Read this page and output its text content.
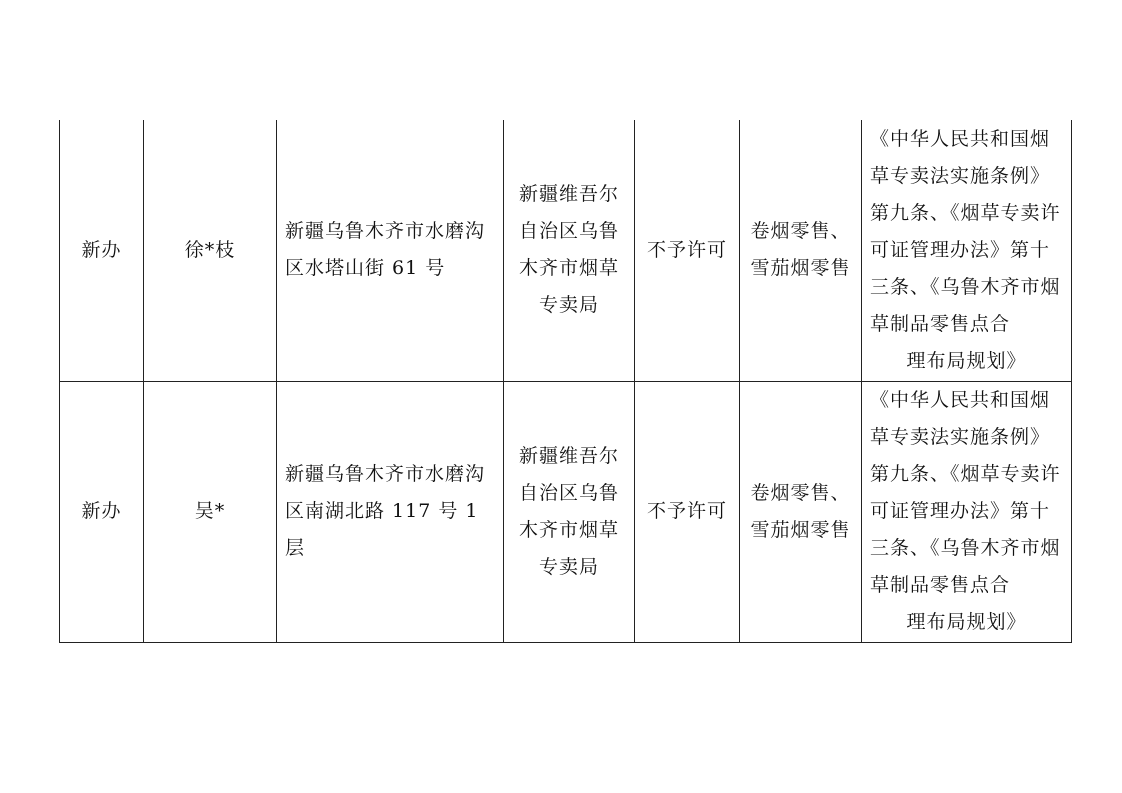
新办	徐*枝	新疆乌鲁木齐市水磨沟区水塔山街 61 号	新疆维吾尔自治区乌鲁木齐市烟草专卖局	不予许可	卷烟零售、雪茄烟零售	《中华人民共和国烟草专卖法实施条例》第九条、《烟草专卖许可证管理办法》第十三条、《乌鲁木齐市烟草制品零售点合
理布局规划》

新办	吴*	新疆乌鲁木齐市水磨沟区南湖北路 117 号 1 层	新疆维吾尔自治区乌鲁木齐市烟草专卖局	不予许可	卷烟零售、雪茄烟零售	《中华人民共和国烟草专卖法实施条例》第九条、《烟草专卖许可证管理办法》第十三条、《乌鲁木齐市烟草制品零售点合
理布局规划》
